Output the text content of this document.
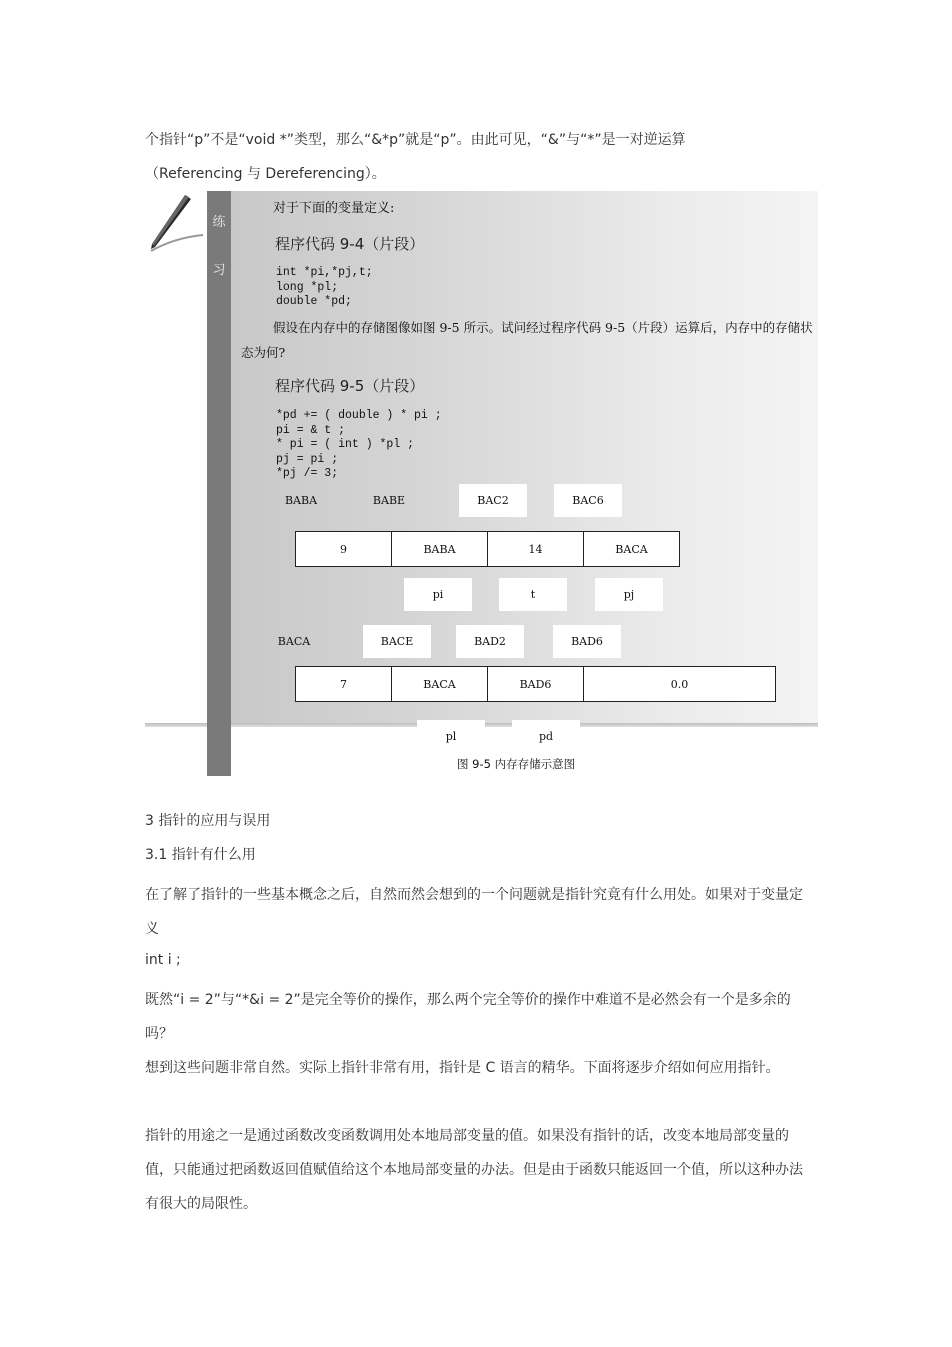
个指针“p”不是“void *”类型，那么“&*p”就是“p”。由此可见，“&”与“*”是一对逆运算
（Referencing 与 Dereferencing）。
练
习
对于下面的变量定义:
程序代码 9-4（片段）
int *pi,*pj,t;
long *pl;
double *pd;
假设在内存中的存储图像如图 9-5 所示。试问经过程序代码 9-5（片段）运算后，内存中的存储状态为何?
程序代码 9-5（片段）
*pd += ( double ) * pi ;
pi = & t ;
* pi = ( int ) *pl ;
pj = pi ;
*pj /= 3;
BABA	BABE	BAC2	BAC6
9	BABA	14	BACA
pi	t	pj
BACA	BACE	BAD2	BAD6
7	BACA	BAD6	0.0
pl	pd
图 9-5 内存存储示意图
3 指针的应用与误用
3.1 指针有什么用
在了解了指针的一些基本概念之后，自然而然会想到的一个问题就是指针究竟有什么用处。如果对于变量定义
int i ;
既然“i = 2”与“*&i = 2”是完全等价的操作，那么两个完全等价的操作中难道不是必然会有一个是多余的吗？
想到这些问题非常自然。实际上指针非常有用，指针是 C 语言的精华。下面将逐步介绍如何应用指针。
指针的用途之一是通过函数改变函数调用处本地局部变量的值。如果没有指针的话，改变本地局部变量的值，只能通过把函数返回值赋值给这个本地局部变量的办法。但是由于函数只能返回一个值，所以这种办法有很大的局限性。
